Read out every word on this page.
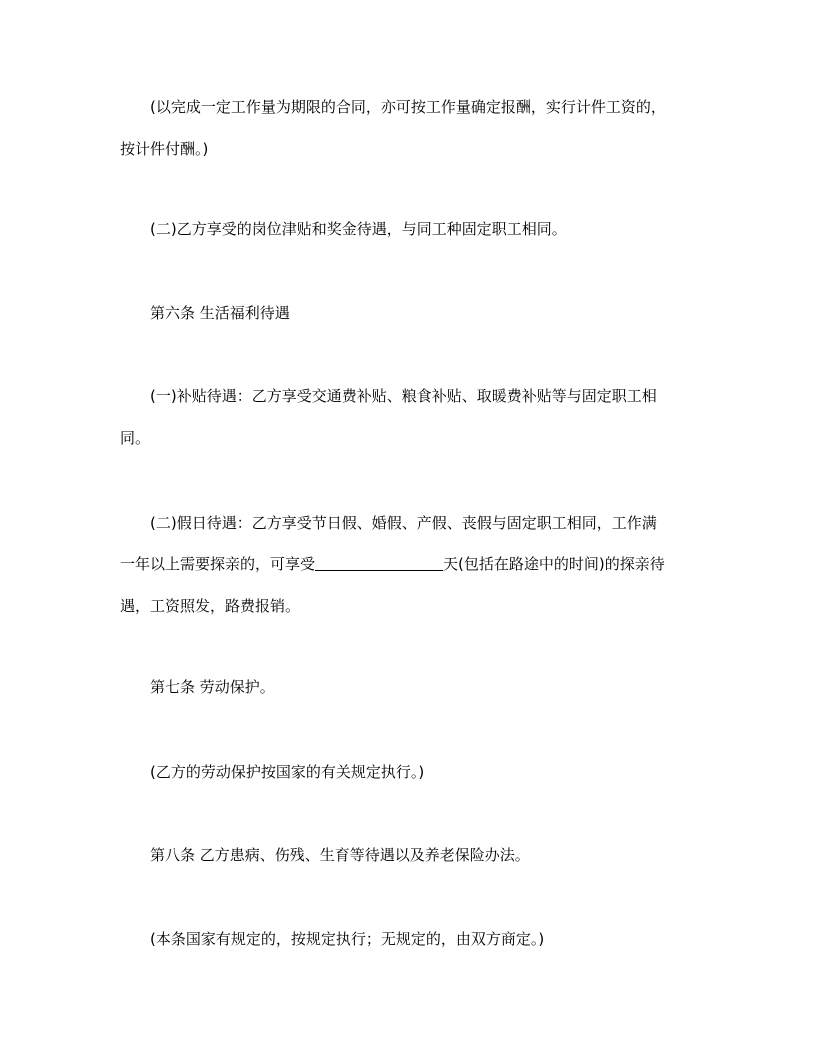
(以完成一定工作量为期限的合同，亦可按工作量确定报酬，实行计件工资的，
按计件付酬。)
(二)乙方享受的岗位津贴和奖金待遇，与同工种固定职工相同。
第六条 生活福利待遇
(一)补贴待遇：乙方享受交通费补贴、粮食补贴、取暖费补贴等与固定职工相
同。
(二)假日待遇：乙方享受节日假、婚假、产假、丧假与固定职工相同，工作满
一年以上需要探亲的，可享受	天(包括在路途中的时间)的探亲待
遇，工资照发，路费报销。
第七条 劳动保护。
(乙方的劳动保护按国家的有关规定执行。)
第八条 乙方患病、伤残、生育等待遇以及养老保险办法。
(本条国家有规定的，按规定执行；无规定的，由双方商定。)
